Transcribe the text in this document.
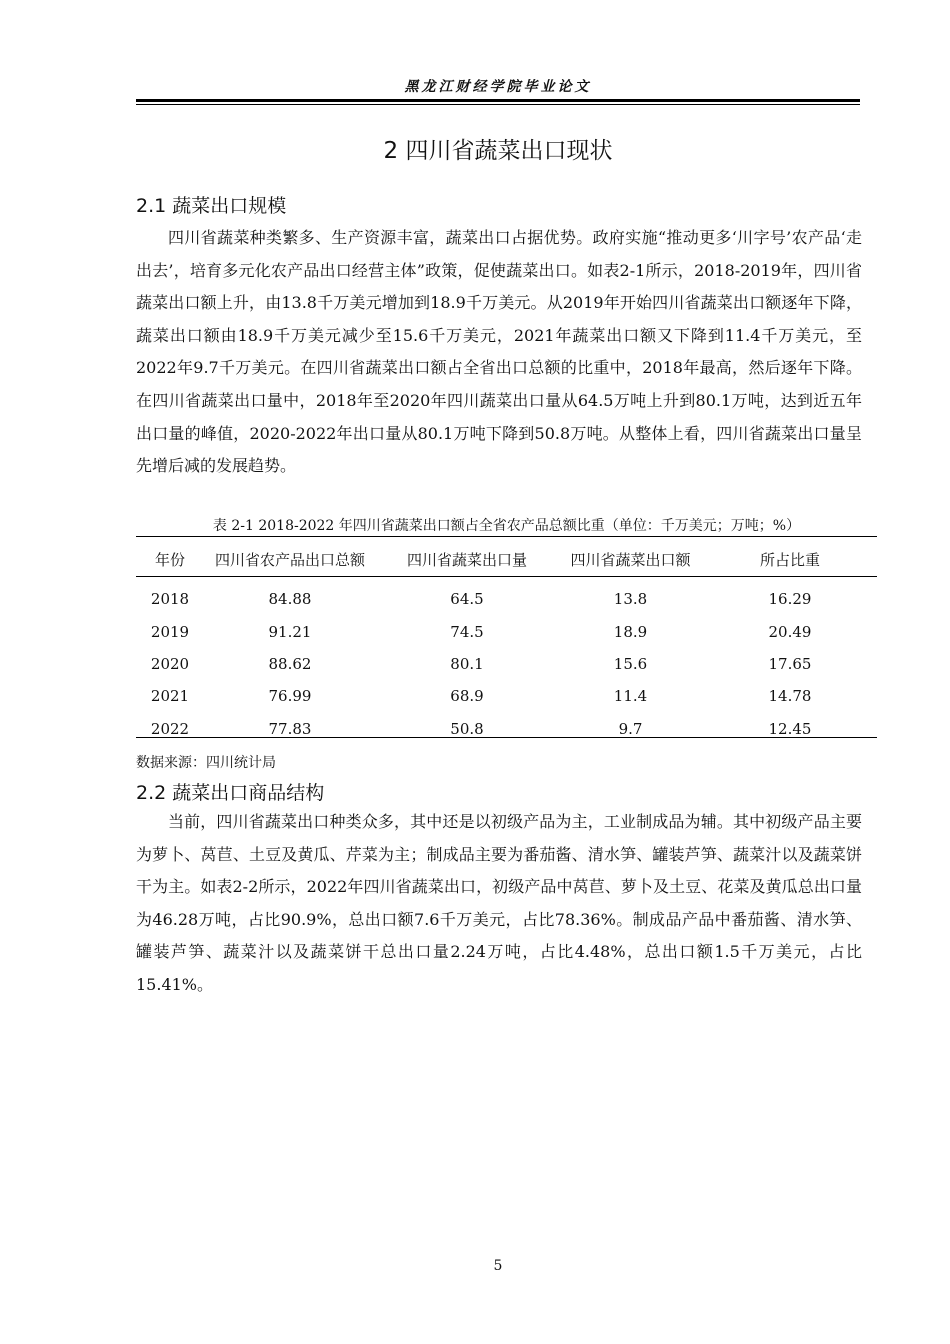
黑龙江财经学院毕业论文
2 四川省蔬菜出口现状
2.1 蔬菜出口规模

四川省蔬菜种类繁多、生产资源丰富，蔬菜出口占据优势。政府实施“推动更多‘川字号’农产品‘走出去’，培育多元化农产品出口经营主体”政策，促使蔬菜出口。如表2-1所示，2018-2019年，四川省蔬菜出口额上升，由13.8千万美元增加到18.9千万美元。从2019年开始四川省蔬菜出口额逐年下降，蔬菜出口额由18.9千万美元减少至15.6千万美元，2021年蔬菜出口额又下降到11.4千万美元，至2022年9.7千万美元。在四川省蔬菜出口额占全省出口总额的比重中，2018年最高，然后逐年下降。在四川省蔬菜出口量中，2018年至2020年四川蔬菜出口量从64.5万吨上升到80.1万吨，达到近五年出口量的峰值，2020-2022年出口量从80.1万吨下降到50.8万吨。从整体上看，四川省蔬菜出口量呈先增后减的发展趋势。

表 2-1 2018-2022 年四川省蔬菜出口额占全省农产品总额比重（单位：千万美元；万吨；%）
年份	四川省农产品出口总额	四川省蔬菜出口量	四川省蔬菜出口额	所占比重
2018	84.88	64.5	13.8	16.29
2019	91.21	74.5	18.9	20.49
2020	88.62	80.1	15.6	17.65
2021	76.99	68.9	11.4	14.78
2022	77.83	50.8	9.7	12.45
数据来源：四川统计局
2.2 蔬菜出口商品结构

当前，四川省蔬菜出口种类众多，其中还是以初级产品为主，工业制成品为辅。其中初级产品主要为萝卜、莴苣、土豆及黄瓜、芹菜为主；制成品主要为番茄酱、清水笋、罐装芦笋、蔬菜汁以及蔬菜饼干为主。如表2-2所示，2022年四川省蔬菜出口，初级产品中莴苣、萝卜及土豆、花菜及黄瓜总出口量为46.28万吨，占比90.9%，总出口额7.6千万美元，占比78.36%。制成品产品中番茄酱、清水笋、罐装芦笋、蔬菜汁以及蔬菜饼干总出口量2.24万吨，占比4.48%，总出口额1.5千万美元，占比15.41%。

5
